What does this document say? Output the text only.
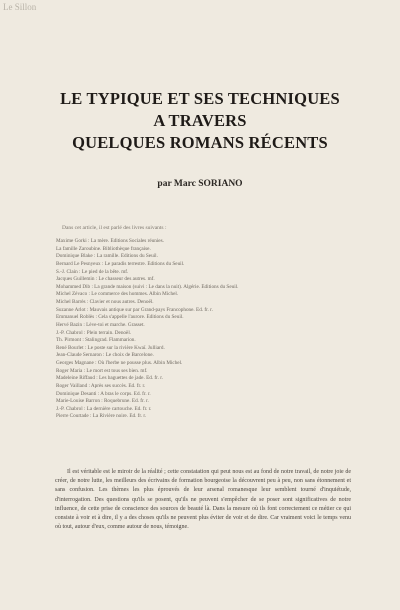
Le Sillon
LE TYPIQUE ET SES TECHNIQUES
A TRAVERS
QUELQUES ROMANS RÉCENTS
par Marc SORIANO
Dans cet article, il est parlé des livres suivants :
Maxime Gorki : La mère. Éditions Sociales réunies.
La famille Zaroubine. Bibliothèque française.
Dominique Blake : La ramille. Éditions du Seuil.
Bernard Le Pesnyeux : Le paradis terrestre. Éditions du Seuil.
S.-J. Clain : Le pied de la bête. mf.
Jacques Guillemin : Le chasseur des autres. mf.
Mohammed Dib : La grande maison (suivi : Le dans la nuit). Algérie. Éditions du Seuil.
Michel Zévaco : Le commerce des hommes. Albin Michel.
Michel Barrès : Clavier et nous autres. Denoël.
Suzanne Arlot : Mauvais antique sur par Grand-pays Francophone. Ed. fr. r.
Emmanuel Roblès : Cela s'appelle l'aurore. Éditions du Seuil.
Hervé Bazin : Lève-toi et marche. Grasset.
J.-P. Chabrol : Plein terrain. Denoël.
Th. Pirmont : Stalingrad. Flammarion.
René Bourlet : Le poste sur la rivière Kwaï. Julliard.
Jean-Claude Sernaron : Le choix de Barcelone.
Georges Magnane : Où l'herbe ne pousse plus. Albin Michel.
Roger Maria : Le mort est tous ses bien. mf.
Madeleine Riffaud : Les baguettes de jade. Ed. fr. r.
Roger Vailland : Après ses succès. Ed. fr. r.
Dominique Desanti : A bras le corps. Ed. fr. r.
Marie-Louise Barron : Roquebrune. Ed. fr. r.
J.-P. Chabrol : La dernière cartouche. Ed. fr. r.
Pierre Courtade : La Rivière noire. Ed. fr. r.
Il est véritable est le miroir de la réalité ; cette constatation qui peut nous est au fond de notre travail, de notre joie de créer, de notre lutte, les meilleurs des écrivains de formation bourgeoise la découvrent peu à peu, non sans étonnement et sans confusion. Les thèmes les plus éprouvés de leur arsenal romanesque leur semblent tourné d'inquiétude, d'interrogation. Des questions qu'ils se posent, qu'ils ne peuvent s'empêcher de se poser sont significatives de notre influence, de cette prise de conscience des sources de beauté là. Dans la mesure où ils font correctement ce métier ce qui consiste à voir et à dire, il y a des choses qu'ils ne peuvent plus éviter de voir et de dire. Car vraiment voici le temps venu où tout, autour d'eux, comme autour de nous, témoigne.
